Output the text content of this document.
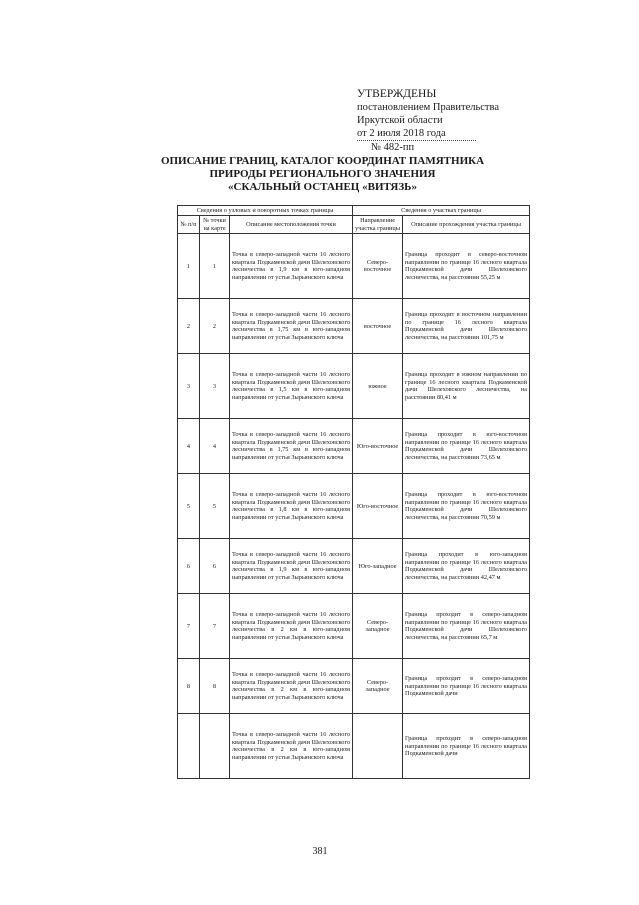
УТВЕРЖДЕНЫ
постановлением Правительства
Иркутской области
от 2 июля 2018 года
№ 482-пп
ОПИСАНИЕ ГРАНИЦ, КАТАЛОГ КООРДИНАТ ПАМЯТНИКА
ПРИРОДЫ РЕГИОНАЛЬНОГО ЗНАЧЕНИЯ
«СКАЛЬНЫЙ ОСТАНЕЦ «ВИТЯЗЬ»
Сведения о узловых и поворотных точках границы			Сведения о участках границы	
№ п/п	№ точки на карте	Описание местоположения точки	Направление участка границы	Описание прохождения участка границы
1	1	Точка в северо-западной части 16 лесного квартала Подкаменской дачи Шелеховского лесничества в 1,9 км в юго-западном направлении от устья Зырьянского ключа	Северо-восточное	Граница проходит в северо-восточном направлении по границе 16 лесного квартала Подкаменской дачи Шелеховского лесничества, на расстоянии 55,25 м
2	2	Точка в северо-западной части 16 лесного квартала Подкаменской дачи Шелеховского лесничества в 1,75 км в юго-западном направлении от устья Зырьянского ключа	восточное	Граница проходит в восточном направлении по границе 16 лесного квартала Подкаменской дачи Шелеховского лесничества, на расстоянии 101,75 м
3	3	Точка в северо-западной части 16 лесного квартала Подкаменской дачи Шелеховского лесничества в 1,5 км в юго-западном направлении от устья Зырьянского ключа	южное	Граница проходит в южном направлении по границе 16 лесного квартала Подкаменской дачи Шелеховского лесничества, на расстоянии 80,41 м
4	4	Точка в северо-западной части 16 лесного квартала Подкаменской дачи Шелеховского лесничества в 1,75 км в юго-западном направлении от устья Зырьянского ключа	Юго-восточное	Граница проходит в юго-восточном направлении по границе 16 лесного квартала Подкаменской дачи Шелеховского лесничества, на расстоянии 73,65 м
5	5	Точка в северо-западной части 16 лесного квартала Подкаменской дачи Шелеховского лесничества в 1,8 км в юго-западном направлении от устья Зырьянского ключа	Юго-восточное	Граница проходит в юго-восточном направлении по границе 16 лесного квартала Подкаменской дачи Шелеховского лесничества, на расстоянии 70,59 м
6	6	Точка в северо-западной части 16 лесного квартала Подкаменской дачи Шелеховского лесничества в 1,9 км в юго-западном направлении от устья Зырьянского ключа	Юго-западное	Граница проходит в юго-западном направлении по границе 16 лесного квартала Подкаменской дачи Шелеховского лесничества, на расстоянии 42,47 м
7	7	Точка в северо-западной части 16 лесного квартала Подкаменской дачи Шелеховского лесничества в 2 км в юго-западном направлении от устья Зырьянского ключа	Северо-западное	Граница проходит в северо-западном направлении по границе 16 лесного квартала Подкаменской дачи Шелеховского лесничества, на расстоянии 65,7 м
8	8	Точка в северо-западной части 16 лесного квартала Подкаменской дачи Шелеховского лесничества в 2 км в юго-западном направлении от устья Зырьянского ключа	Северо-западное	Граница проходит в северо-западном направлении по границе 16 лесного квартала Подкаменской дачи
		Точка в северо-западной части 16 лесного квартала Подкаменской дачи Шелеховского лесничества в 2 км в юго-западном направлении от устья Зырьянского ключа		Граница проходит в северо-западном направлении по границе 16 лесного квартала Подкаменской дачи
381
